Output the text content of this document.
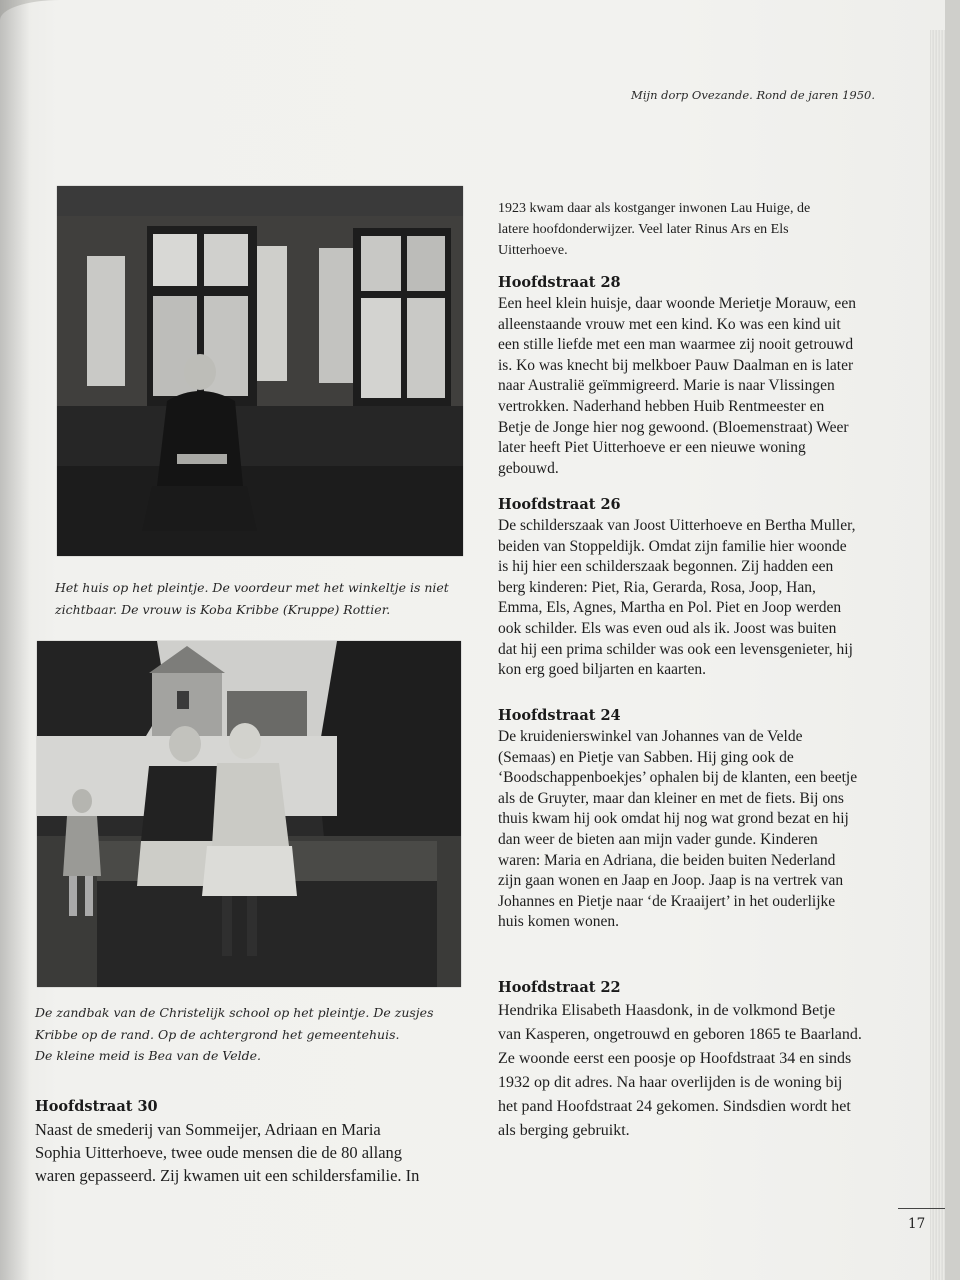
Mijn dorp Ovezande. Rond de jaren 1950.
Het huis op het pleintje. De voordeur met het winkeltje is niet
zichtbaar. De vrouw is Koba Kribbe (Kruppe) Rottier.
De zandbak van de Christelijk school op het pleintje. De zusjes
Kribbe op de rand. Op de achtergrond het gemeentehuis.
De kleine meid is Bea van de Velde.
Hoofdstraat 30

Naast de smederij van Sommeijer, Adriaan en Maria
Sophia Uitterhoeve, twee oude mensen die de 80 allang
waren gepasseerd. Zij kwamen uit een schildersfamilie. In

1923 kwam daar als kostganger inwonen Lau Huige, de
latere hoofdonderwijzer. Veel later Rinus Ars en Els
Uitterhoeve.

Hoofdstraat 28

Een heel klein huisje, daar woonde Merietje Morauw, een
alleenstaande vrouw met een kind. Ko was een kind uit
een stille liefde met een man waarmee zij nooit getrouwd
is. Ko was knecht bij melkboer Pauw Daalman en is later
naar Australië geïmmigreerd. Marie is naar Vlissingen
vertrokken. Naderhand hebben Huib Rentmeester en
Betje de Jonge hier nog gewoond. (Bloemenstraat) Weer
later heeft Piet Uitterhoeve er een nieuwe woning
gebouwd.

Hoofdstraat 26

De schilderszaak van Joost Uitterhoeve en Bertha Muller,
beiden van Stoppeldijk. Omdat zijn familie hier woonde
is hij hier een schilderszaak begonnen. Zij hadden een
berg kinderen: Piet, Ria, Gerarda, Rosa, Joop, Han,
Emma, Els, Agnes, Martha en Pol. Piet en Joop werden
ook schilder. Els was even oud als ik. Joost was buiten
dat hij een prima schilder was ook een levensgenieter, hij
kon erg goed biljarten en kaarten.

Hoofdstraat 24

De kruidenierswinkel van Johannes van de Velde
(Semaas) en Pietje van Sabben. Hij ging ook de
‘Boodschappenboekjes’ ophalen bij de klanten, een beetje
als de Gruyter, maar dan kleiner en met de fiets. Bij ons
thuis kwam hij ook omdat hij nog wat grond bezat en hij
dan weer de bieten aan mijn vader gunde. Kinderen
waren: Maria en Adriana, die beiden buiten Nederland
zijn gaan wonen en Jaap en Joop. Jaap is na vertrek van
Johannes en Pietje naar ‘de Kraaijert’ in het ouderlijke
huis komen wonen.

Hoofdstraat 22

Hendrika Elisabeth Haasdonk, in de volkmond Betje
van Kasperen, ongetrouwd en geboren 1865 te Baarland.
Ze woonde eerst een poosje op Hoofdstraat 34 en sinds
1932 op dit adres. Na haar overlijden is de woning bij
het pand Hoofdstraat 24 gekomen. Sindsdien wordt het
als berging gebruikt.

17
